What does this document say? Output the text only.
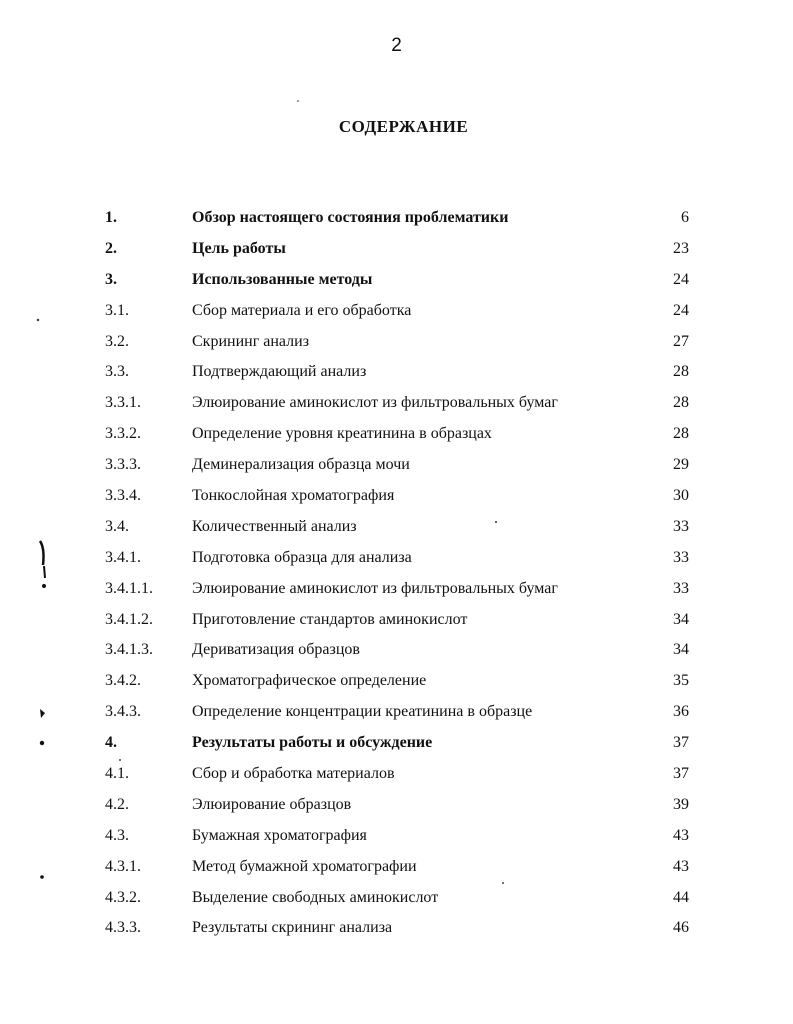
2
СОДЕРЖАНИЕ
1.	Обзор настоящего состояния проблематики	6
2.	Цель работы	23
3.	Использованные методы	24
3.1.	Сбор материала и его обработка	24
3.2.	Скрининг анализ	27
3.3.	Подтверждающий анализ	28
3.3.1.	Элюирование аминокислот из фильтровальных бумаг	28
3.3.2.	Определение уровня креатинина в образцах	28
3.3.3.	Деминерализация образца мочи	29
3.3.4.	Тонкослойная хроматография	30
3.4.	Количественный анализ	33
3.4.1.	Подготовка образца для анализа	33
3.4.1.1. Элюирование аминокислот из фильтровальных бумаг	33
3.4.1.2. Приготовление стандартов аминокислот	34
3.4.1.3. Дериватизация образцов	34
3.4.2.	Хроматографическое определение	35
3.4.3.	Определение концентрации креатинина в образце	36
4.	Результаты работы и обсуждение	37
4.1.	Сбор и обработка материалов	37
4.2.	Элюирование образцов	39
4.3.	Бумажная хроматография	43
4.3.1.	Метод бумажной хроматографии	43
4.3.2.	Выделение свободных аминокислот	44
4.3.3.	Результаты скрининг анализа	46
